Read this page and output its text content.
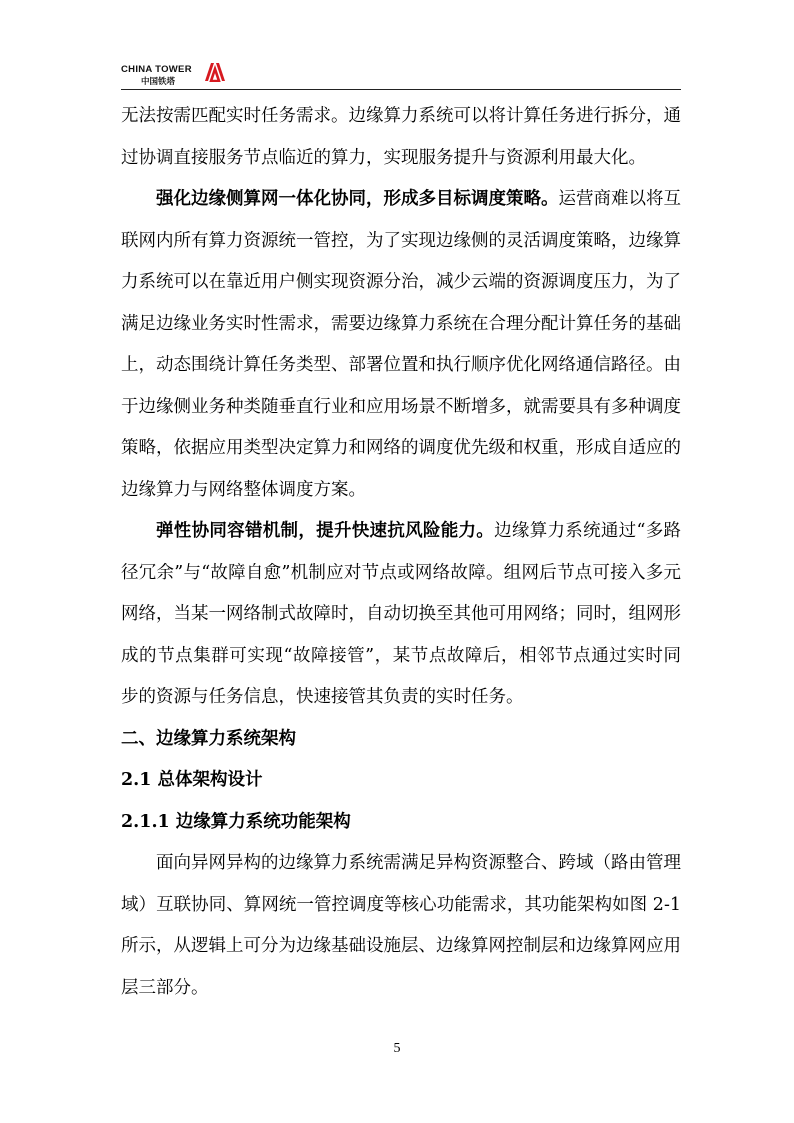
CHINA TOWER
中国铁塔

无法按需匹配实时任务需求。边缘算力系统可以将计算任务进行拆分，通过协调直接服务节点临近的算力，实现服务提升与资源利用最大化。

强化边缘侧算网一体化协同，形成多目标调度策略。运营商难以将互联网内所有算力资源统一管控，为了实现边缘侧的灵活调度策略，边缘算力系统可以在靠近用户侧实现资源分治，减少云端的资源调度压力，为了满足边缘业务实时性需求，需要边缘算力系统在合理分配计算任务的基础上，动态围绕计算任务类型、部署位置和执行顺序优化网络通信路径。由于边缘侧业务种类随垂直行业和应用场景不断增多，就需要具有多种调度策略，依据应用类型决定算力和网络的调度优先级和权重，形成自适应的边缘算力与网络整体调度方案。

弹性协同容错机制，提升快速抗风险能力。边缘算力系统通过“多路径冗余”与“故障自愈”机制应对节点或网络故障。组网后节点可接入多元网络，当某一网络制式故障时，自动切换至其他可用网络；同时，组网形成的节点集群可实现“故障接管”，某节点故障后，相邻节点通过实时同步的资源与任务信息，快速接管其负责的实时任务。

二、边缘算力系统架构

2.1 总体架构设计

2.1.1 边缘算力系统功能架构

面向异网异构的边缘算力系统需满足异构资源整合、跨域（路由管理域）互联协同、算网统一管控调度等核心功能需求，其功能架构如图 2-1 所示，从逻辑上可分为边缘基础设施层、边缘算网控制层和边缘算网应用层三部分。

5
